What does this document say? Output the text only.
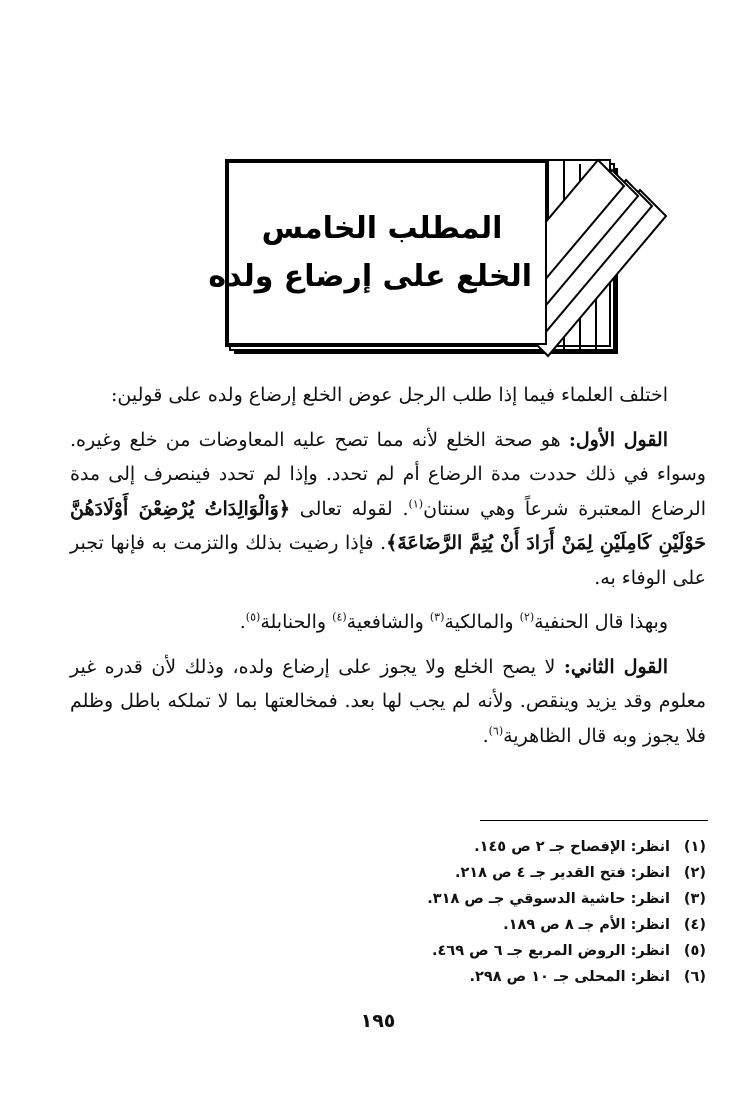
المطلب الخامس
الخلع على إرضاع ولده

اختلف العلماء فيما إذا طلب الرجل عوض الخلع إرضاع ولده على قولين:

القول الأول: هو صحة الخلع لأنه مما تصح عليه المعاوضات من خلع وغيره. وسواء في ذلك حددت مدة الرضاع أم لم تحدد. وإذا لم تحدد فينصرف إلى مدة الرضاع المعتبرة شرعاً وهي سنتان$^{(١)}$. لقوله تعالى ﴿وَالْوَالِدَاتُ يُرْضِعْنَ أَوْلَادَهُنَّ حَوْلَيْنِ كَامِلَيْنِ لِمَنْ أَرَادَ أَنْ يُتِمَّ الرَّضَاعَةَ﴾. فإذا رضيت بذلك والتزمت به فإنها تجبر على الوفاء به.

وبهذا قال الحنفية$^{(٢)}$ والمالكية$^{(٣)}$ والشافعية$^{(٤)}$ والحنابلة$^{(٥)}$.

القول الثاني: لا يصح الخلع ولا يجوز على إرضاع ولده، وذلك لأن قدره غير معلوم وقد يزيد وينقص. ولأنه لم يجب لها بعد. فمخالعتها بما لا تملكه باطل وظلم فلا يجوز وبه قال الظاهرية$^{(٦)}$.

(١)
انظر: الإفصاح جـ ٢ ص ١٤٥.
(٢)
انظر: فتح القدير جـ ٤ ص ٢١٨.
(٣)
انظر: حاشية الدسوقي جـ ص ٣١٨.
(٤)
انظر: الأم جـ ٨ ص ١٨٩.
(٥)
انظر: الروض المربع جـ ٦ ص ٤٦٩.
(٦)
انظر: المحلى جـ ١٠ ص ٢٩٨.
١٩٥
